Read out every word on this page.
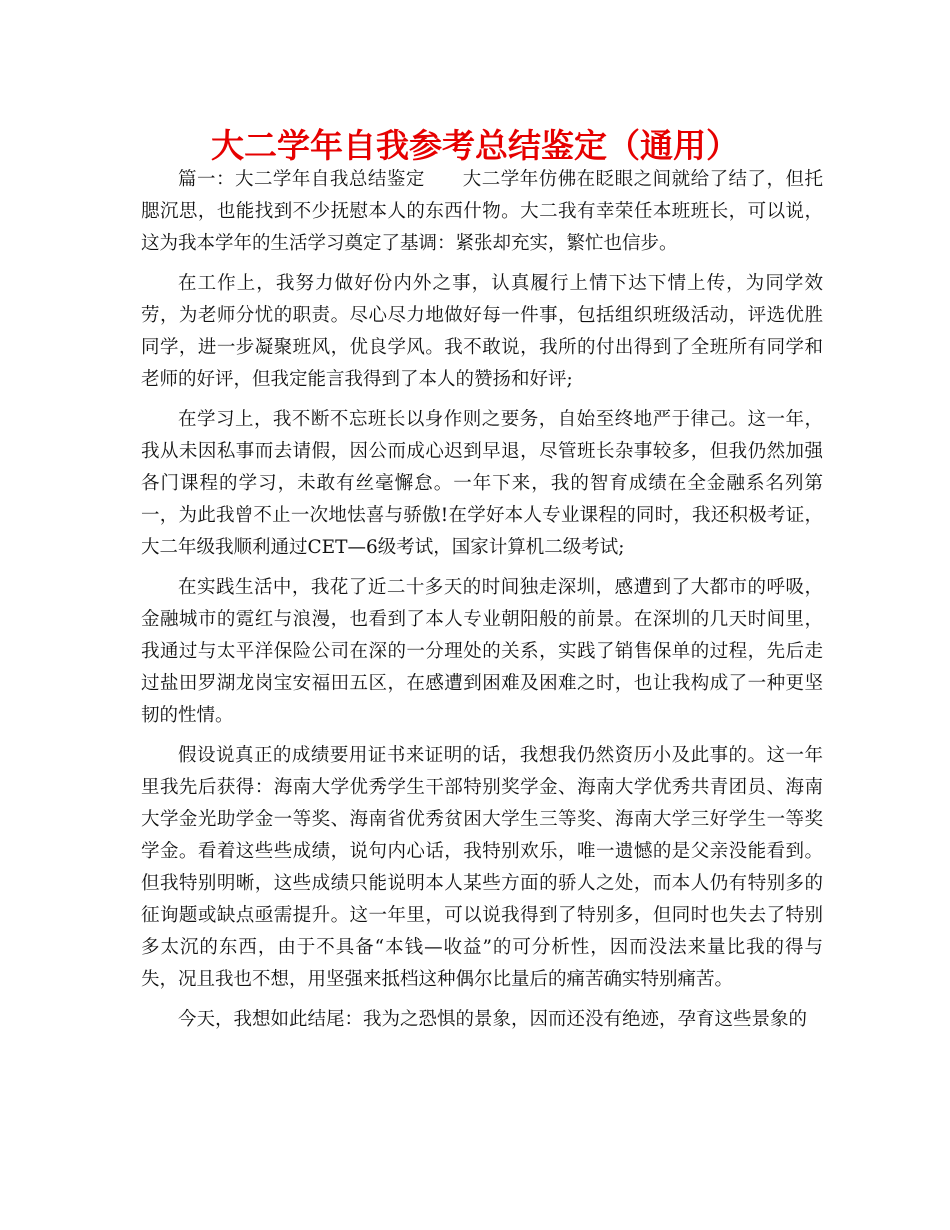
大二学年自我参考总结鉴定（通用）

篇一：大二学年自我总结鉴定　　大二学年仿佛在眨眼之间就给了结了，但托腮沉思，也能找到不少抚慰本人的东西什物。大二我有幸荣任本班班长，可以说，这为我本学年的生活学习奠定了基调：紧张却充实，繁忙也信步。

在工作上，我努力做好份内外之事，认真履行上情下达下情上传，为同学效劳，为老师分忧的职责。尽心尽力地做好每一件事，包括组织班级活动，评选优胜同学，进一步凝聚班风，优良学风。我不敢说，我所的付出得到了全班所有同学和老师的好评，但我定能言我得到了本人的赞扬和好评;

在学习上，我不断不忘班长以身作则之要务，自始至终地严于律己。这一年，我从未因私事而去请假，因公而成心迟到早退，尽管班长杂事较多，但我仍然加强各门课程的学习，未敢有丝毫懈怠。一年下来，我的智育成绩在全金融系名列第一，为此我曾不止一次地怯喜与骄傲!在学好本人专业课程的同时，我还积极考证，大二年级我顺利通过CET—6级考试，国家计算机二级考试;

在实践生活中，我花了近二十多天的时间独走深圳，感遭到了大都市的呼吸，金融城市的霓红与浪漫，也看到了本人专业朝阳般的前景。在深圳的几天时间里，我通过与太平洋保险公司在深的一分理处的关系，实践了销售保单的过程，先后走过盐田罗湖龙岗宝安福田五区，在感遭到困难及困难之时，也让我构成了一种更坚韧的性情。

假设说真正的成绩要用证书来证明的话，我想我仍然资历小及此事的。这一年里我先后获得：海南大学优秀学生干部特别奖学金、海南大学优秀共青团员、海南大学金光助学金一等奖、海南省优秀贫困大学生三等奖、海南大学三好学生一等奖学金。看着这些些成绩，说句内心话，我特别欢乐，唯一遗憾的是父亲没能看到。但我特别明晰，这些成绩只能说明本人某些方面的骄人之处，而本人仍有特别多的征询题或缺点亟需提升。这一年里，可以说我得到了特别多，但同时也失去了特别多太沉的东西，由于不具备“本钱—收益”的可分析性，因而没法来量比我的得与失，况且我也不想，用坚强来抵档这种偶尔比量后的痛苦确实特别痛苦。

今天，我想如此结尾：我为之恐惧的景象，因而还没有绝迹，孕育这些景象的
